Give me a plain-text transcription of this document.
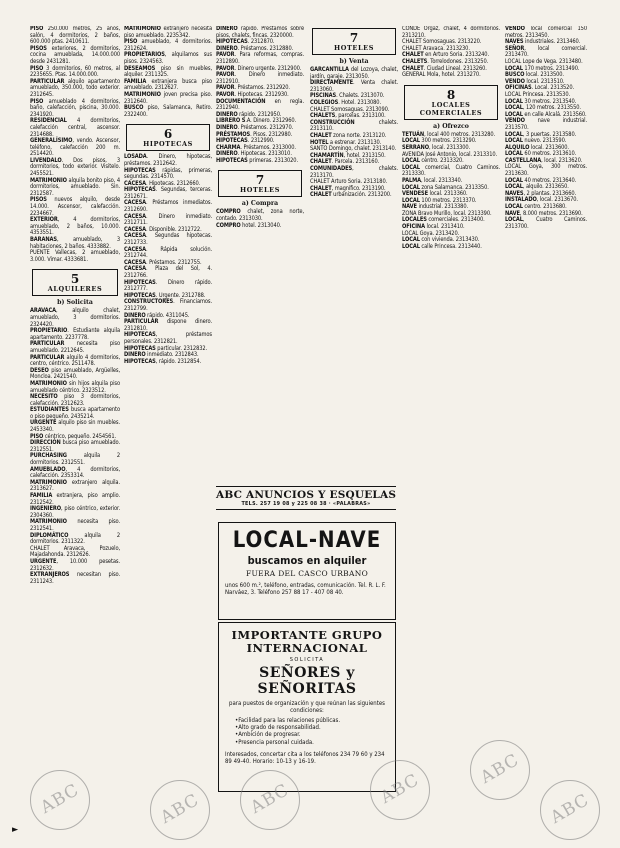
PISO 250.000 metros, 25 años, salón, 4 dormitorios, 2 baños, 600.000 ptas. 2410611.

PISOS exteriores, 2 dormitorios, cocina amueblada, 14.000.000 desde 2431281.

PISO 3 dormitorios, 60 metros, al 2235655. Ptas. 14.000.000.

PARTICULAR alquilo apartamento amueblado, 350.000, todo exterior. 2312645.

PISO amueblado 4 dormitorios, baño, calefacción, piscina, 30.000. 2341920.

RESIDENCIAL 4 dormitorios, calefacción central, ascensor. 2314688.

GENERALÍSIMO, vendo. Ascensor, teléfono, calefacción 200 m. 2514420.

LIVENDALO. Dos pisos, 3 dormitorios, todo exterior. Visitelo. 2455521.

MATRIMONIO alquila bonito piso, 4 dormitorios, amueblado. Sin. 2312587.

PISOS nuevos alquilo, desde 14.000. Ascensor, calefacción. 2234667.

EXTERIOR, 4 dormitorios, amueblado, 2 baños, 10.000. 4353551.

BARANAS, amueblado, 3 habitaciones, 2 baños. 4333882.

PUENTE Vallecas, 2 amueblado, 3.000. Vimar. 4333681.

5
ALQUILERES
b) Solicita

ARAVACA, alquilo chalet, amueblado, 3 dormitorios. 2324420.

PROPIETARIO. Estudiante alquila apartamento. 2237778.

PARTICULAR necesita piso amueblado. 2212645.

PARTICULAR alquilo 4 dormitorios, centro, céntrico. 2511478.

DESEO piso amueblado, Argüelles, Moncloa. 2421540.

MATRIMONIO sin hijos alquila piso amueblado céntrico. 2323512.

NECESITO piso 3 dormitorios, calefacción. 2312623.

ESTUDIANTES busca apartamento o piso pequeño. 2435214.

URGENTE alquilo piso sin muebles. 2453340.

PISO céntrico, pequeño. 2454561.

DIRECCIÓN busca piso amueblado. 2312551.

PURCHASING alquila 2 dormitorios. 2312551.

AMUEBLADO, 4 dormitorios, calefacción. 2353314.

MATRIMONIO extranjero alquila. 2313627.

FAMILIA extranjera, piso amplio. 2312542.

INGENIERO, piso céntrico, exterior. 2304360.

MATRIMONIO necesita piso. 2312541.

DIPLOMÁTICO alquila 2 dormitorios. 2311322.

CHALET Aravaca, Pozuelo, Majadahonda. 2312626.

URGENTE, 10.000 pesetas. 2312632.

EXTRANJEROS necesitan piso. 2311243.

MATRIMONIO extranjero necesita piso amueblado. 2235342.

PISO amueblado, 4 dormitorios. 2312624.

PROPIETARIOS, alquilamos sus pisos. 2324563.

DESEAMOS piso sin muebles, alquiler. 2311325.

FAMILIA extranjera busca piso amueblado. 2312627.

MATRIMONIO joven precisa piso. 2312640.

BUSCO piso, Salamanca, Retiro. 2322400.

6
HIPOTECAS

LOSADA. Dinero, hipotecas, préstamos. 2312642.

HIPOTECAS rápidas, primeras, segundas. 2314570.

CACESA. Hipotecas. 2312660.

HIPOTECAS. Segundas, terceras. 2312671.

CACESA. Préstamos inmediatos. 2312690.

CACESA. Dinero inmediato. 2312711.

CACESA. Disponible. 2312722.

CACESA. Segundas hipotecas. 2312733.

CACESA. Rápida solución. 2312744.

CACESA. Préstamos. 2312755.

CACESA. Plaza del Sol, 4. 2312766.

HIPOTECAS. Dinero rápido. 2312777.

HIPOTECAS. Urgente. 2312788.

CONSTRUCTORES. Financiamos. 2312799.

DINERO rápido. 4311045.

PARTICULAR dispone dinero. 2312810.

HIPOTECAS, préstamos personales. 2312821.

HIPOTECAS particular. 2312832.

DINERO inmediato. 2312843.

HIPOTECAS, rápido. 2312854.

DINERO rápido. Préstamos sobre pisos, chalets, fincas. 2320000.

HIPOTECAS. 2312870.

DINERO. Préstamos. 2312880.

PAVOR. Para reformas, compras. 2312890.

PAVOR. Dinero urgente. 2312900.

PAVOR. Dinero inmediato. 2312910.

PAVOR. Préstamos. 2312920.

PAVOR. Hipotecas. 2312930.

DOCUMENTACIÓN en regla. 2312940.

DINERO rápido. 2312950.

LIBRERO S.A. Dinero. 2312960.

DINERO. Préstamos. 2312970.

PRÉSTAMOS. Pisos. 2312980.

HIPOTECAS. 2312990.

CHARMA. Préstamos. 2313000.

DINERO. Hipotecas. 2313010.

HIPOTECAS primeras. 2313020.

7
HOTELES
a) Compra

COMPRO chalet, zona norte, contado. 2313030.

COMPRO hotel. 2313040.

7
HOTELES
b) Venta

GARCANTILLA del Lozoya, chalet, jardín, garaje. 2313050.

DIRECTAMENTE. Venta chalet. 2313060.

PISCINAS. Chalets. 2313070.

COLEGIOS. Hotel. 2313080.

CHALET Somosaguas. 2313090.

CHALETS, parcelas. 2313100.

CONSTRUCCIÓN chalets. 2313110.

CHALET zona norte. 2313120.

HOTEL a estrenar. 2313130.

SANTO Domingo, chalet. 2313140.

CHAMARTÍN, hotel. 2313150.

CHALET. Parcela. 2313160.

COMUNIDADES, chalets. 2313170.

CHALET Arturo Soria. 2313180.

CHALET, magnífico. 2313190.

CHALET urbanización. 2313200.

CONDE Orgaz, chalet, 4 dormitorios. 2313210.

CHALET Somosaguas. 2313220.

CHALET Aravaca. 2313230.

CHALET en Arturo Soria. 2313240.

CHALETS. Torrelodones. 2313250.

CHALET. Ciudad Lineal. 2313260.

GENERAL Mola, hotel. 2313270.

8
LOCALES COMERCIALES
a) Ofrezco

TETUÁN, local 400 metros. 2313280.

LOCAL 300 metros. 2313290.

SERRANO, local. 2313300.

AVENIDA José Antonio, local. 2313310.

LOCAL centro. 2313320.

LOCAL comercial, Cuatro Caminos. 2313330.

PALMA, local. 2313340.

LOCAL zona Salamanca. 2313350.

VENDESE local. 2313360.

LOCAL 100 metros. 2313370.

NAVE industrial. 2313380.

ZONA Bravo Murillo, local. 2313390.

LOCALES comerciales. 2313400.

OFICINA local. 2313410.

LOCAL Goya. 2313420.

LOCAL con vivienda. 2313430.

LOCAL calle Princesa. 2313440.

VENDO local comercial 150 metros. 2313450.

NAVES industriales. 2313460.

SEÑOR, local comercial. 2313470.

LOCAL Lope de Vega. 2313480.

LOCAL 170 metros. 2313490.

BUSCO local. 2313500.

VENDO local. 2313510.

OFICINAS. Local. 2313520.

LOCAL Princesa. 2313530.

LOCAL 30 metros. 2313540.

LOCAL, 120 metros. 2313550.

LOCAL en calle Alcalá. 2313560.

VENDO nave industrial. 2313570.

LOCAL, 3 puertas. 2313580.

LOCAL nuevo. 2313590.

ALQUILO local. 2313600.

LOCAL 60 metros. 2313610.

CASTELLANA, local. 2313620.

LOCAL Goya, 300 metros. 2313630.

LOCAL 40 metros. 2313640.

LOCAL, alquilo. 2313650.

NAVES, 2 plantas. 2313660.

INSTALADO, local. 2313670.

LOCAL centro. 2313680.

NAVE, 8.000 metros. 2313690.

LOCAL, Cuatro Caminos. 2313700.

ABC ANUNCIOS Y ESQUELAS
TELS. 257 19 08 y 225 08 38 · «PALABRAS»
LOCAL-NAVE
buscamos en alquiler
FUERA DEL CASCO URBANO
unos 600 m.², teléfono, entradas, comunicación. Tel. R. L. F. Narváez, 3. Teléfono 257 88 17 - 407 08 40.
IMPORTANTE GRUPO INTERNACIONAL
SOLICITA
SEÑORES y SEÑORITAS
para puestos de organización y que reúnan las siguientes condiciones:
• Facilidad para las relaciones públicas.
• Alto grado de responsabilidad.
• Ambición de progresar.
• Presencia personal cuidada.
Interesados, concertar cita a los teléfonos 234 79 60 y 234 89 49-40. Horario: 10-13 y 16-19.
ABC	ABC	ABC	ABC
ABC
ABC
►
